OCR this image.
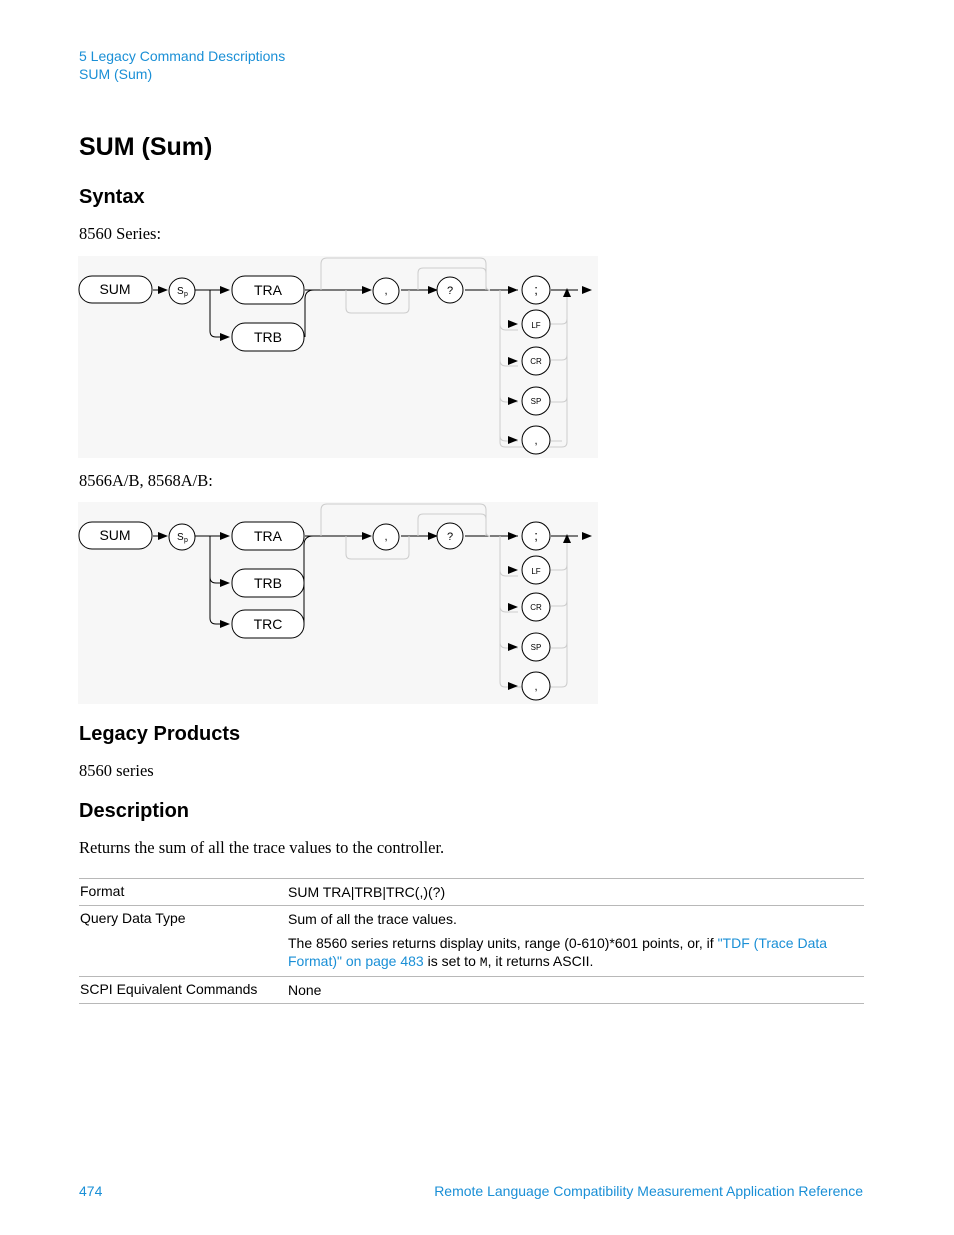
5 Legacy Command Descriptions
SUM (Sum)
SUM (Sum)
Syntax
8560 Series:
SUM	TRA
TRB
S p	,	?	;
LF
CR
SP
,
8566A/B, 8568A/B:
SUM	TRA
TRB
TRC
S p	,	?	;
LF
CR
SP
,
Legacy Products
8560 series
Description
Returns the sum of all the trace values to the controller.
Format	SUM TRA|TRB|TRC(,)(?)

Query Data Type	Sum of all the trace values.

The 8560 series returns display units, range (0-610)*601 points, or, if "TDF (Trace Data Format)" on page 483 is set to M, it returns ASCII.

SCPI Equivalent Commands	None

474	Remote Language Compatibility Measurement Application Reference
